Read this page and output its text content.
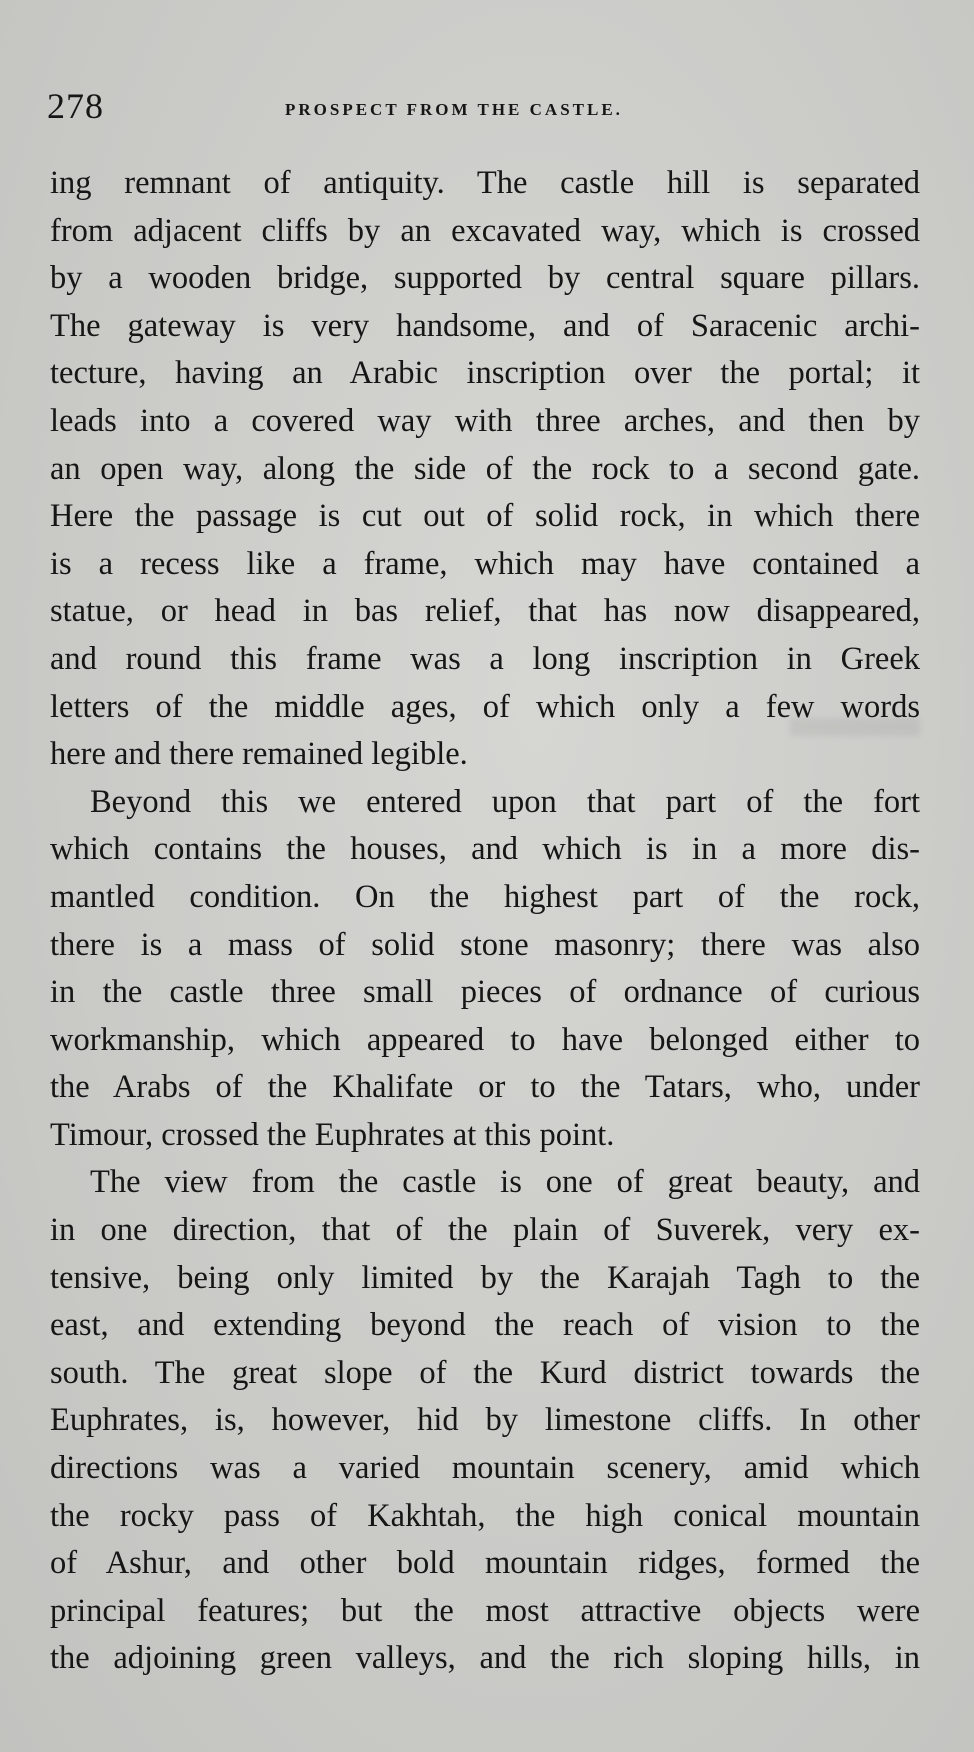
278	PROSPECT FROM THE CASTLE.
ing remnant of antiquity. The castle hill is separated
from adjacent cliffs by an excavated way, which is crossed
by a wooden bridge, supported by central square pillars.
The gateway is very handsome, and of Saracenic archi-
tecture, having an Arabic inscription over the portal; it
leads into a covered way with three arches, and then by
an open way, along the side of the rock to a second gate.
Here the passage is cut out of solid rock, in which there
is a recess like a frame, which may have contained a
statue, or head in bas relief, that has now disappeared,
and round this frame was a long inscription in Greek
letters of the middle ages, of which only a few words
here and there remained legible.
Beyond this we entered upon that part of the fort
which contains the houses, and which is in a more dis-
mantled condition. On the highest part of the rock,
there is a mass of solid stone masonry; there was also
in the castle three small pieces of ordnance of curious
workmanship, which appeared to have belonged either to
the Arabs of the Khalifate or to the Tatars, who, under
Timour, crossed the Euphrates at this point.
The view from the castle is one of great beauty, and
in one direction, that of the plain of Suverek, very ex-
tensive, being only limited by the Karajah Tagh to the
east, and extending beyond the reach of vision to the
south. The great slope of the Kurd district towards the
Euphrates, is, however, hid by limestone cliffs. In other
directions was a varied mountain scenery, amid which
the rocky pass of Kakhtah, the high conical mountain
of Ashur, and other bold mountain ridges, formed the
principal features; but the most attractive objects were
the adjoining green valleys, and the rich sloping hills, in
